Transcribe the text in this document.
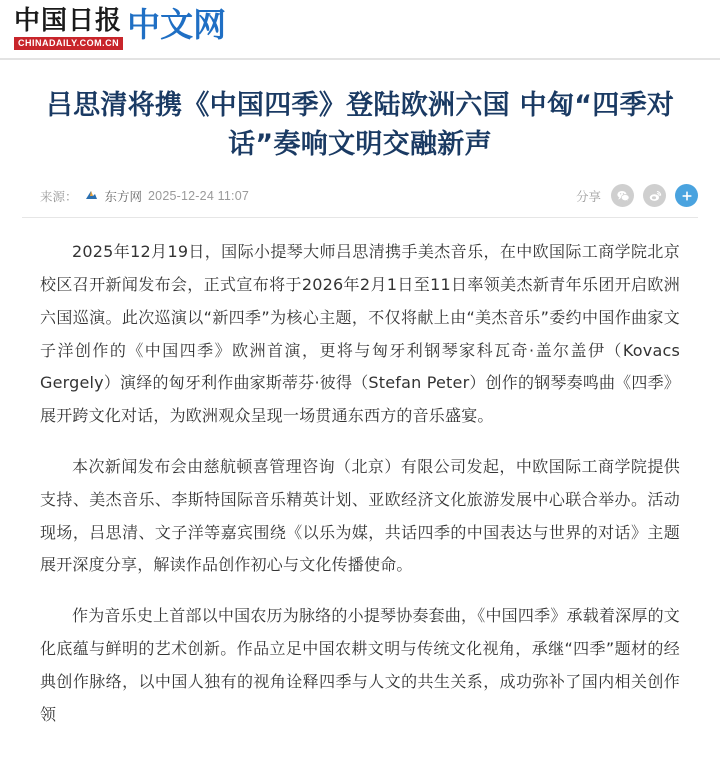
中国日报
CHINADAILY.COM.CN 中文网
吕思清将携《中国四季》登陆欧洲六国 中匈“四季对话”奏响文明交融新声
来源： 东方网 2025-12-24 11:07	分享

2025年12月19日，国际小提琴大师吕思清携手美杰音乐，在中欧国际工商学院北京校区召开新闻发布会，正式宣布将于2026年2月1日至11日率领美杰新青年乐团开启欧洲六国巡演。此次巡演以“新四季”为核心主题，不仅将献上由“美杰音乐”委约中国作曲家文子洋创作的《中国四季》欧洲首演，更将与匈牙利钢琴家科瓦奇·盖尔盖伊（Kovacs Gergely）演绎的匈牙利作曲家斯蒂芬·彼得（Stefan Peter）创作的钢琴奏鸣曲《四季》展开跨文化对话，为欧洲观众呈现一场贯通东西方的音乐盛宴。

本次新闻发布会由慈航顿喜管理咨询（北京）有限公司发起，中欧国际工商学院提供支持、美杰音乐、李斯特国际音乐精英计划、亚欧经济文化旅游发展中心联合举办。活动现场，吕思清、文子洋等嘉宾围绕《以乐为媒，共话四季的中国表达与世界的对话》主题展开深度分享，解读作品创作初心与文化传播使命。

作为音乐史上首部以中国农历为脉络的小提琴协奏套曲，《中国四季》承载着深厚的文化底蕴与鲜明的艺术创新。作品立足中国农耕文明与传统文化视角，承继“四季”题材的经典创作脉络，以中国人独有的视角诠释四季与人文的共生关系，成功弥补了国内相关创作领
